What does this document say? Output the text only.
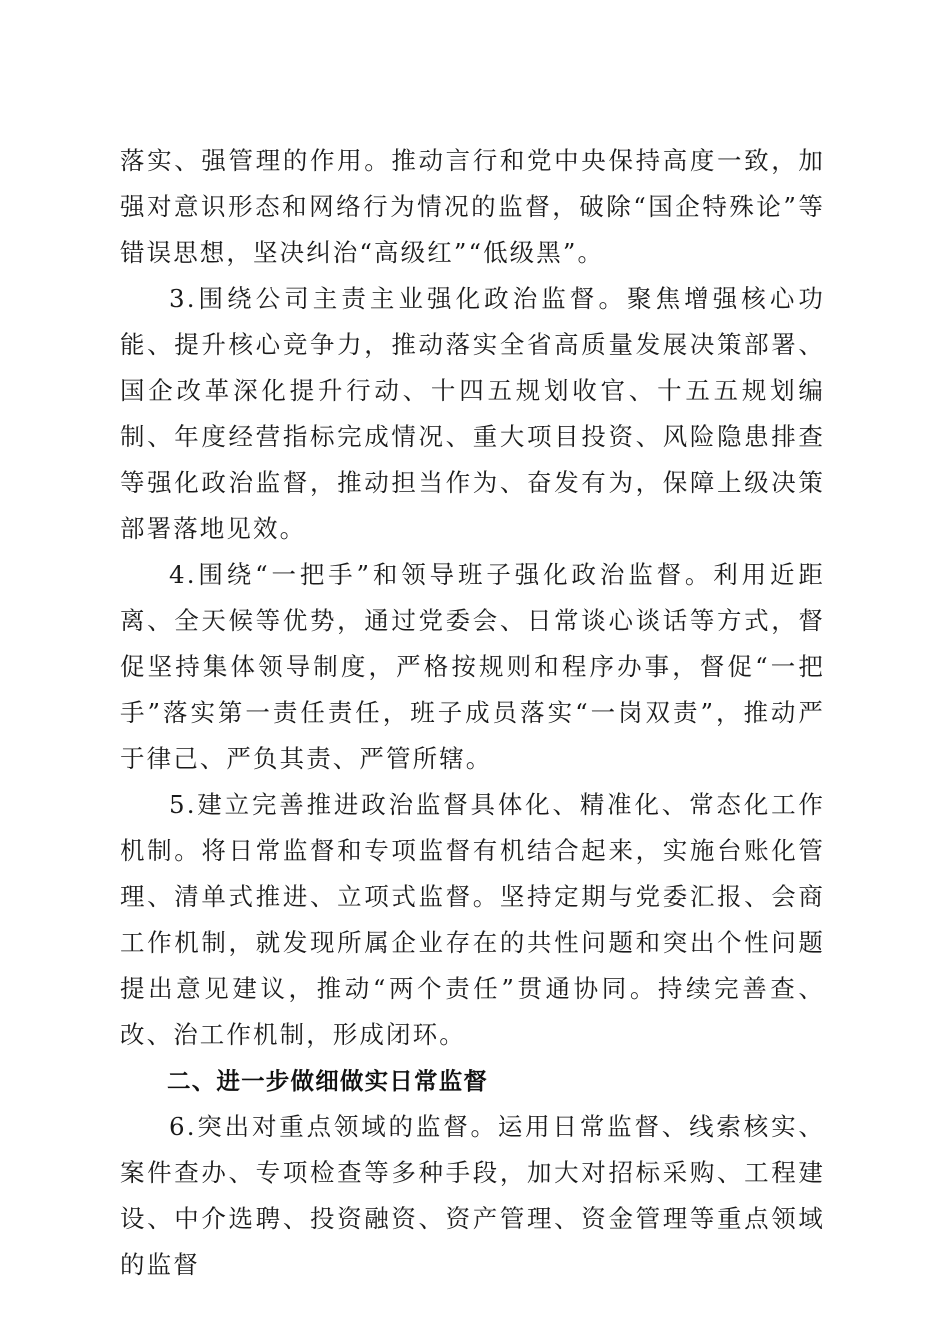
落实、强管理的作用。推动言行和党中央保持高度一致，加强对意识形态和网络行为情况的监督，破除“国企特殊论”等错误思想，坚决纠治“高级红”“低级黑”。

3.围绕公司主责主业强化政治监督。聚焦增强核心功能、提升核心竞争力，推动落实全省高质量发展决策部署、国企改革深化提升行动、十四五规划收官、十五五规划编制、年度经营指标完成情况、重大项目投资、风险隐患排查等强化政治监督，推动担当作为、奋发有为，保障上级决策部署落地见效。

4.围绕“一把手”和领导班子强化政治监督。利用近距离、全天候等优势，通过党委会、日常谈心谈话等方式，督促坚持集体领导制度，严格按规则和程序办事，督促“一把手”落实第一责任责任，班子成员落实“一岗双责”，推动严于律己、严负其责、严管所辖。

5.建立完善推进政治监督具体化、精准化、常态化工作机制。将日常监督和专项监督有机结合起来，实施台账化管理、清单式推进、立项式监督。坚持定期与党委汇报、会商工作机制，就发现所属企业存在的共性问题和突出个性问题提出意见建议，推动“两个责任”贯通协同。持续完善查、改、治工作机制，形成闭环。

二、进一步做细做实日常监督

6.突出对重点领域的监督。运用日常监督、线索核实、案件查办、专项检查等多种手段，加大对招标采购、工程建设、中介选聘、投资融资、资产管理、资金管理等重点领域的监督
